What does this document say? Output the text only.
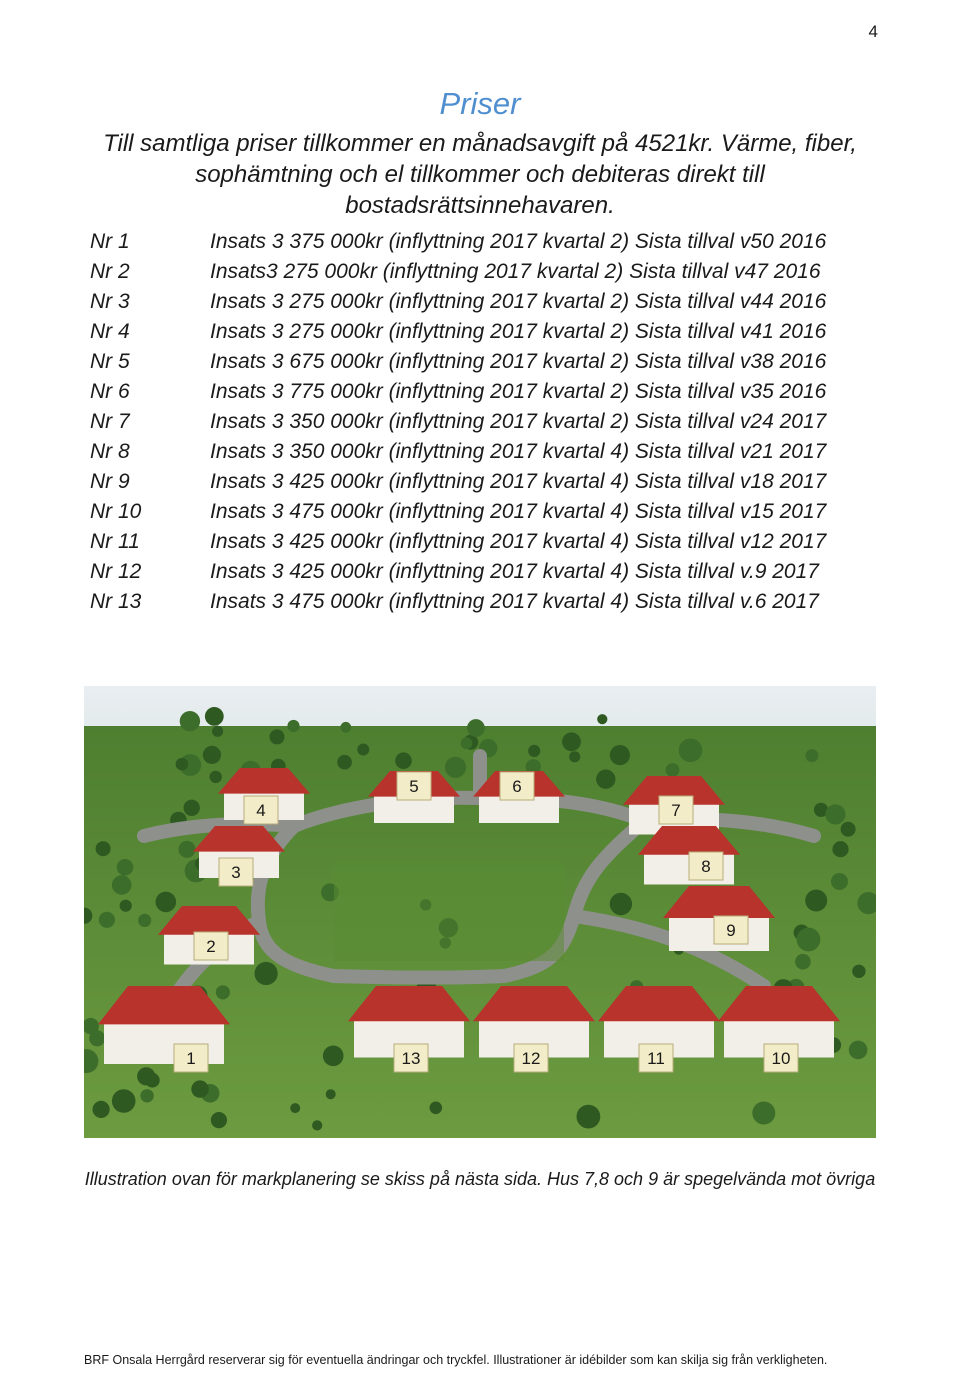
4
Priser
Till samtliga priser tillkommer en månadsavgift på 4521kr. Värme, fiber, sophämtning och el tillkommer och debiteras direkt till bostadsrättsinnehavaren.
Nr 1	Insats 3 375 000kr (inflyttning 2017 kvartal 2) Sista tillval v50 2016
Nr 2	Insats3 275 000kr (inflyttning 2017 kvartal 2) Sista tillval v47 2016
Nr 3	Insats 3 275 000kr (inflyttning 2017 kvartal 2) Sista tillval v44 2016
Nr 4	Insats 3 275 000kr (inflyttning 2017 kvartal 2) Sista tillval v41 2016
Nr 5	Insats 3 675 000kr (inflyttning 2017 kvartal 2) Sista tillval v38 2016
Nr 6	Insats 3 775 000kr (inflyttning 2017 kvartal 2) Sista tillval v35 2016
Nr 7	Insats 3 350 000kr (inflyttning 2017 kvartal 2) Sista tillval v24 2017
Nr 8	Insats 3 350 000kr (inflyttning 2017 kvartal 4) Sista tillval v21 2017
Nr 9	Insats 3 425 000kr (inflyttning 2017 kvartal 4) Sista tillval v18 2017
Nr 10	Insats 3 475 000kr (inflyttning 2017 kvartal 4) Sista tillval v15 2017
Nr 11	Insats 3 425 000kr (inflyttning 2017 kvartal 4) Sista tillval v12 2017
Nr 12	Insats 3 425 000kr (inflyttning 2017 kvartal 4) Sista tillval v.9 2017
Nr 13	Insats 3 475 000kr (inflyttning 2017 kvartal 4) Sista tillval v.6 2017
1
2
3
4
5	6
7
8
9
10
11
12
13
Illustration ovan för markplanering se skiss på nästa sida. Hus 7,8 och 9 är spegelvända mot övriga
BRF Onsala Herrgård reserverar sig för eventuella ändringar och tryckfel. Illustrationer är idébilder som kan skilja sig från verkligheten.
